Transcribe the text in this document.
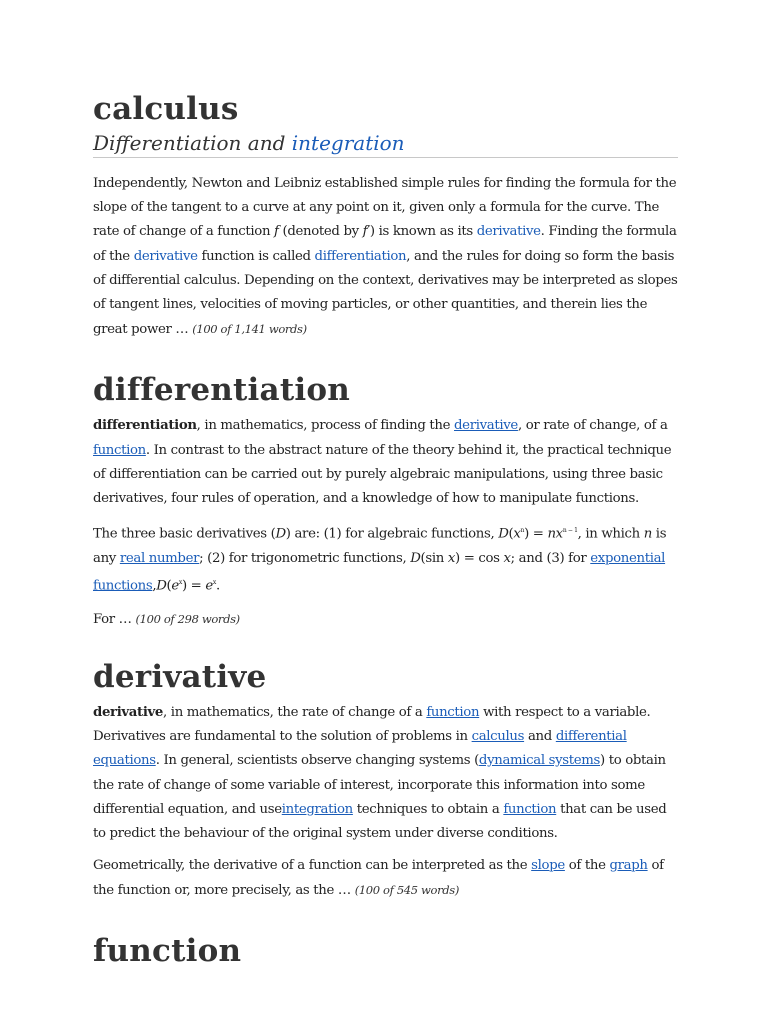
calculus
Differentiation and integration

Independently, Newton and Leibniz established simple rules for finding the formula for the slope of the tangent to a curve at any point on it, given only a formula for the curve. The rate of change of a function f (denoted by f′) is known as its derivative. Finding the formula of the derivative function is called differentiation, and the rules for doing so form the basis of differential calculus. Depending on the context, derivatives may be interpreted as slopes of tangent lines, velocities of moving particles, or other quantities, and therein lies the great power … (100 of 1,141 words)

differentiation

differentiation, in mathematics, process of finding the derivative, or rate of change, of a function. In contrast to the abstract nature of the theory behind it, the practical technique of differentiation can be carried out by purely algebraic manipulations, using three basic derivatives, four rules of operation, and a knowledge of how to manipulate functions.

The three basic derivatives (D) are: (1) for algebraic functions, $D(x^n) = nx^{n - 1}$, in which n is any real number; (2) for trigonometric functions, D(sin x) = cos x; and (3) for exponential $functions,D(e^x) = e^x$.

For … (100 of 298 words)

derivative

derivative, in mathematics, the rate of change of a function with respect to a variable. Derivatives are fundamental to the solution of problems in calculus and differential equations. In general, scientists observe changing systems (dynamical systems) to obtain the rate of change of some variable of interest, incorporate this information into some differential equation, and useintegration techniques to obtain a function that can be used to predict the behaviour of the original system under diverse conditions.

Geometrically, the derivative of a function can be interpreted as the slope of the graph of the function or, more precisely, as the … (100 of 545 words)

function
